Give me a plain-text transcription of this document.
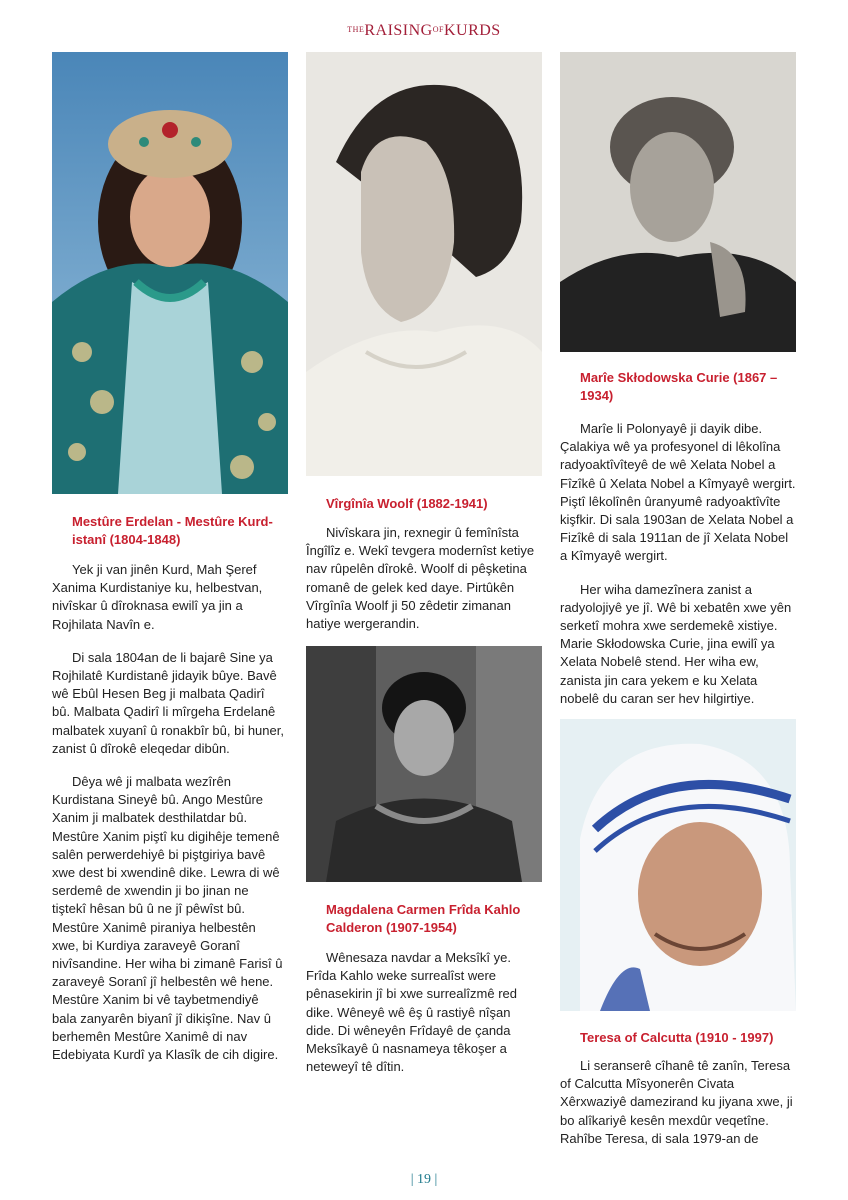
$^{THE}RAISING^{OF}KURDS$
Mestûre Erdelan - Mestûre Kurd-istanî (1804-1848)

Yek ji van jinên Kurd, Mah Şeref Xanima Kurdistaniye ku, helbestvan, nivîskar û dîroknasa ewilî ya jin a Rojhilata Navîn e.

Di sala 1804an de li bajarê Sine ya Rojhilatê Kurdistanê jidayik bûye. Bavê wê Ebûl Hesen Beg ji malbata Qadirî bû. Malbata Qadirî li mîrgeha Erdelanê malbatek xuyanî û ronakbîr bû, bi huner, zanist û dîrokê eleqedar dibûn.

Dêya wê ji malbata wezîrên Kurdistana Sineyê bû. Ango Mestûre Xanim ji malbatek desthilatdar bû. Mestûre Xanim piştî ku digihêje temenê salên perwerdehiyê bi piştgiriya bavê xwe dest bi xwendinê dike. Lewra di wê serdemê de xwendin ji bo jinan ne tiştekî hêsan bû û ne jî pêwîst bû. Mestûre Xanimê piraniya helbestên xwe, bi Kurdiya zaraveyê Goranî nivîsandine. Her wiha bi zimanê Farisî û zaraveyê Soranî jî helbestên wê hene. Mestûre Xanim bi vê taybetmendiyê bala zanyarên biyanî jî dikişîne. Nav û berhemên Mestûre Xanimê di nav Edebiyata Kurdî ya Klasîk de cih digire.

Vîrgînîa Woolf (1882-1941)

Nivîskara jin, rexnegir û femînîsta Îngîlîz e. Wekî tevgera modernîst ketiye nav rûpelên dîrokê. Woolf di pêşketina romanê de gelek ked daye. Pirtûkên Vîrgînîa Woolf ji 50 zêdetir zimanan hatiye wergerandin.

Magdalena Carmen Frîda Kahlo Calderon (1907-1954)

Wênesaza navdar a Meksîkî ye. Frîda Kahlo weke surrealîst were pênasekirin jî bi xwe surrealîzmê red dike. Wêneyê wê êş û rastiyê nîşan dide. Di wêneyên Frîdayê de çanda Meksîkayê û nasnameya têkoşer a neteweyî tê dîtin.

Marîe Skłodowska Curie (1867 –1934)

Marîe li Polonyayê ji dayik dibe. Çalakiya wê ya profesyonel di lêkolîna radyoaktîvîteyê de wê Xelata Nobel a Fîzîkê û Xelata Nobel a Kîmyayê wergirt. Piştî lêkolînên ûranyumê radyoaktîvîte kişfkir. Di sala 1903an de Xelata Nobel a Fizîkê di sala 1911an de jî Xelata Nobel a Kîmyayê wergirt.

Her wiha damezînera zanist a radyolojiyê ye jî. Wê bi xebatên xwe yên serketî mohra xwe serdemekê xistiye. Marie Skłodowska Curie, jina ewilî ya Xelata Nobelê stend. Her wiha ew, zanista jin cara yekem e ku Xelata nobelê du caran ser hev hilgirtiye.

Teresa of Calcutta (1910 - 1997)

Li seranserê cîhanê tê zanîn, Teresa of Calcutta Mîsyonerên Civata Xêrxwaziyê damezirand ku jiyana xwe, ji bo alîkariyê kesên mexdûr veqetîne. Rahîbe Teresa, di sala 1979-an de

| 19 |
